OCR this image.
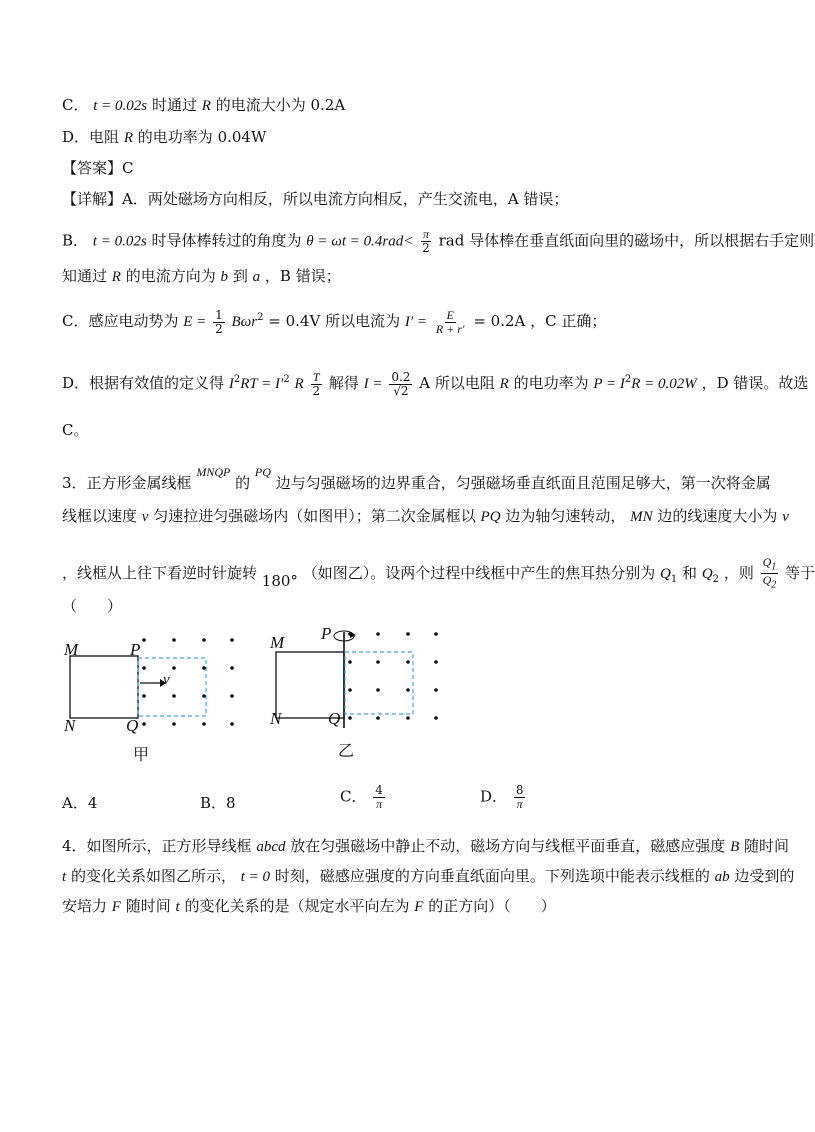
C． t = 0.02s 时通过 R 的电流大小为 0.2A
D．电阻 R 的电功率为 0.04W
【答案】C
【详解】A．两处磁场方向相反，所以电流方向相反，产生交流电，A 错误；
B． t = 0.02s 时导体棒转过的角度为 $\theta = \omega t = 0.4rad< \frac{\pi}{2}$ rad 导体棒在垂直纸面向里的磁场中，所以根据右手定则
知通过 R 的电流方向为 b 到 a ，B 错误；
C．感应电动势为 $E = \frac{1}{2} B\omega r^2 = 0.4V$ 所以电流为 $I' = \frac{E}{R + r'} = 0.2A$ ，C 正确；
D．根据有效值的定义得 $I^2RT = I'^2$ R $\frac{T}{2}$ 解得 $I = \frac{0.2}{√2}$ A 所以电阻 R 的电功率为 $P = I^2R = 0.02W$ ，D 错误。故选
C。
3．正方形金属线框 $^{MNQP}$ 的 $^{PQ}$ 边与匀强磁场的边界重合，匀强磁场垂直纸面且范围足够大，第一次将金属
线框以速度 v 匀速拉进匀强磁场内（如图甲）；第二次金属框以 PQ 边为轴匀速转动， MN 边的线速度大小为 v
，线框从上往下看逆时针旋转 180° （如图乙）。设两个过程中线框中产生的焦耳热分别为 $Q_1$ 和 $Q_2$ ，则 $\frac{Q_1}{Q_2}$ 等于
（　　）
M	P
N	Q
v
甲
M P
N	Q
乙
A．4	B．8	C． $\frac{4}{\pi}$	D． $\frac{8}{\pi}$
4．如图所示，正方形导线框 abcd 放在匀强磁场中静止不动，磁场方向与线框平面垂直，磁感应强度 B 随时间
t 的变化关系如图乙所示， t = 0 时刻，磁感应强度的方向垂直纸面向里。下列选项中能表示线框的 ab 边受到的
安培力 F 随时间 t 的变化关系的是（规定水平向左为 F 的正方向）（　　）
